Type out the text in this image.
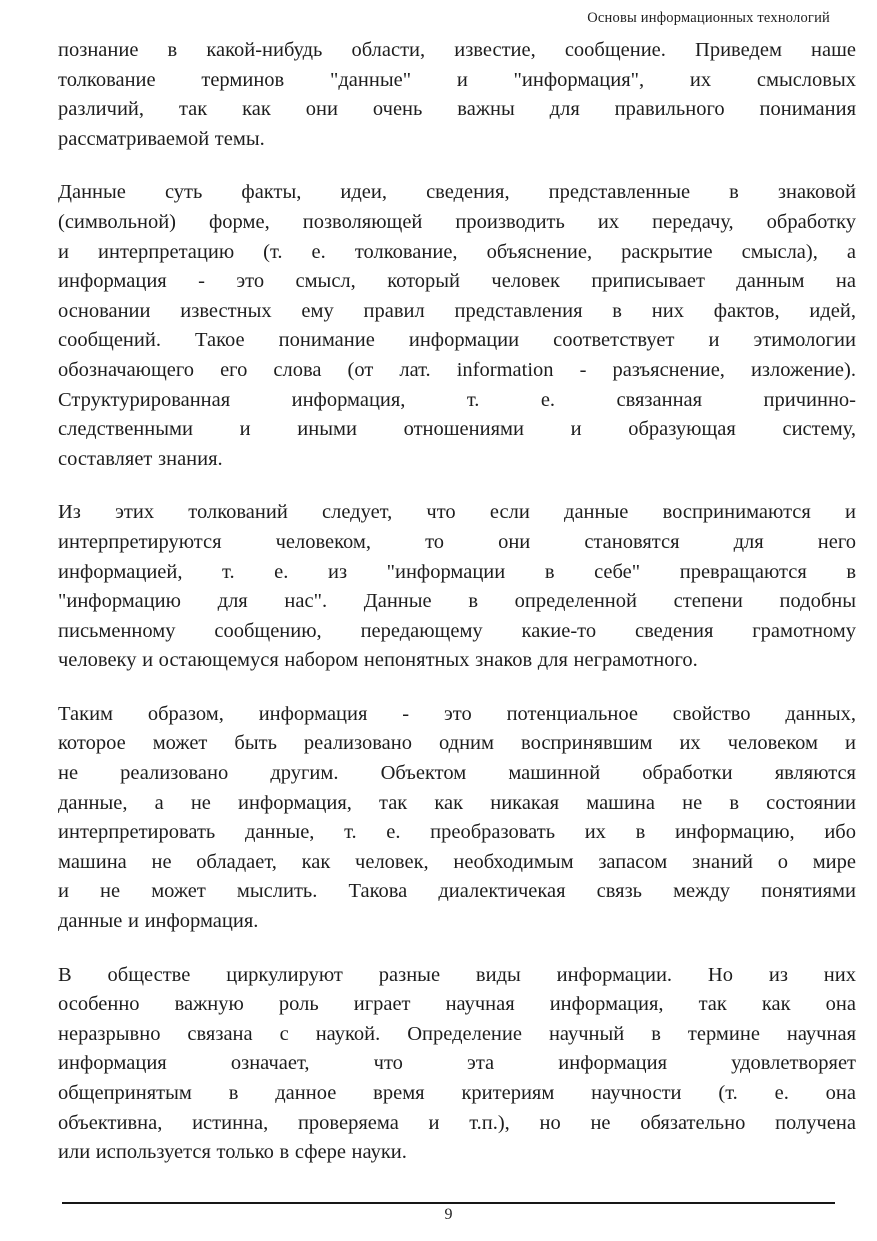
Основы информационных технологий
познание в какой-нибудь области, известие, сообщение. Приведем наше
толкование терминов "данные" и "информация", их смысловых
различий, так как они очень важны для правильного понимания
рассматриваемой темы.
Данные суть факты, идеи, сведения, представленные в знаковой
(символьной) форме, позволяющей производить их передачу, обработку
и интерпретацию (т. е. толкование, объяснение, раскрытие смысла), а
информация - это смысл, который человек приписывает данным на
основании известных ему правил представления в них фактов, идей,
сообщений. Такое понимание информации соответствует и этимологии
обозначающего его слова (от лат. information - разъяснение, изложение).
Структурированная информация, т. е. связанная причинно-
следственными и иными отношениями и образующая систему,
составляет знания.
Из этих толкований следует, что если данные воспринимаются и
интерпретируются человеком, то они становятся для него
информацией, т. е. из "информации в себе" превращаются в
"информацию для нас". Данные в определенной степени подобны
письменному сообщению, передающему какие-то сведения грамотному
человеку и остающемуся набором непонятных знаков для неграмотного.
Таким образом, информация - это потенциальное свойство данных,
которое может быть реализовано одним воспринявшим их человеком и
не реализовано другим. Объектом машинной обработки являются
данные, а не информация, так как никакая машина не в состоянии
интерпретировать данные, т. е. преобразовать их в информацию, ибо
машина не обладает, как человек, необходимым запасом знаний о мире
и не может мыслить. Такова диалектичекая связь между понятиями
данные и информация.
В обществе циркулируют разные виды информации. Но из них
особенно важную роль играет научная информация, так как она
неразрывно связана с наукой. Определение научный в термине научная
информация означает, что эта информация удовлетворяет
общепринятым в данное время критериям научности (т. е. она
объективна, истинна, проверяема и т.п.), но не обязательно получена
или используется только в сфере науки.
9
